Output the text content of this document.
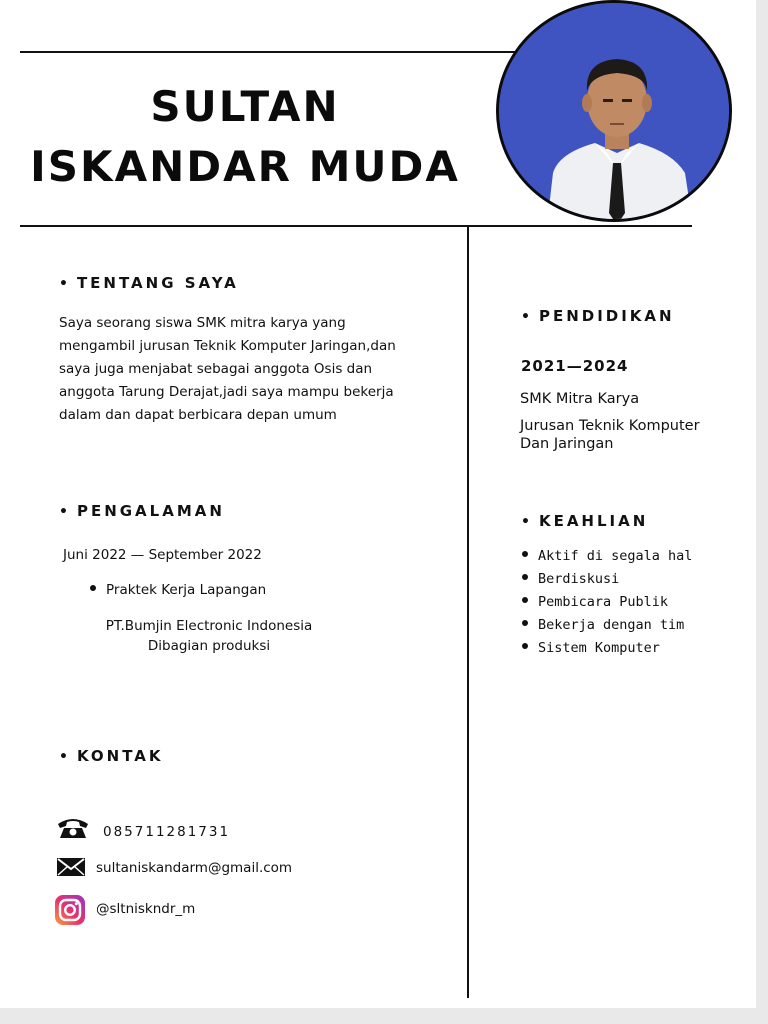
SULTAN
ISKANDAR MUDA
• TENTANG SAYA
Saya seorang siswa SMK mitra karya yang
mengambil jurusan Teknik Komputer Jaringan,dan
saya juga menjabat sebagai anggota Osis dan
anggota Tarung Derajat,jadi saya mampu bekerja
dalam dan dapat berbicara depan umum
• PENGALAMAN
Juni 2022 — September 2022
Praktek Kerja Lapangan
PT.Bumjin Electronic Indonesia
Dibagian produksi
• KONTAK
085711281731
sultaniskandarm@gmail.com
@sltniskndr_m
• PENDIDIKAN
2021—2024
SMK Mitra Karya
Jurusan Teknik Komputer
Dan Jaringan
• KEAHLIAN
Aktif di segala hal
Berdiskusi
Pembicara Publik
Bekerja dengan tim
Sistem Komputer
